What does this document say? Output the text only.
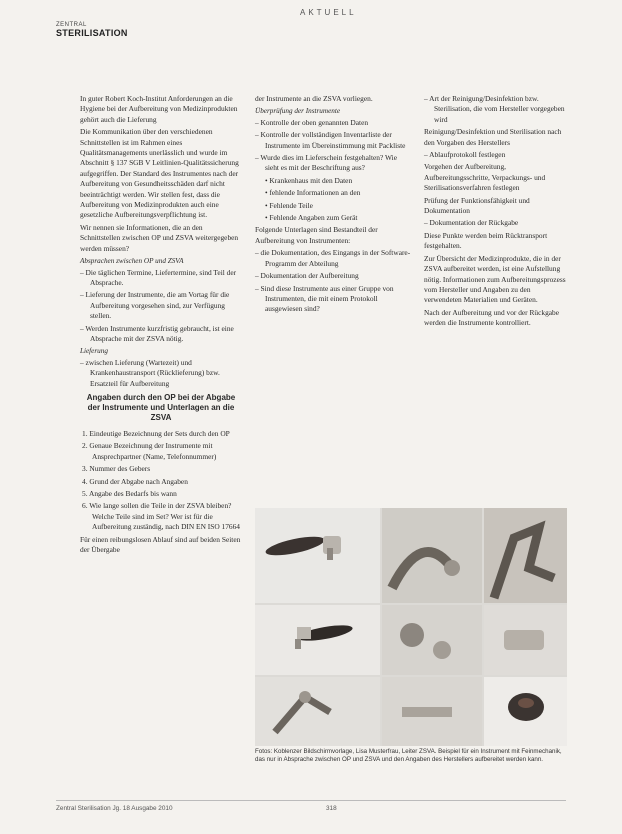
AKTUELL
ZENTRAL
STERILISATION

In guter Robert Koch-Institut Anforderungen an die Hygiene bei der Aufbereitung von Medizinprodukten gehört auch die Lieferung

Die Kommunikation über den verschiedenen Schnittstellen ist im Rahmen eines Qualitätsmanagements unerlässlich und wurde im Abschnitt § 137 SGB V Leitlinien-Qualitätssicherung aufgegriffen. Der Standard des Instrumentes nach der Aufbereitung von Gesundheitsschäden darf nicht beeinträchtigt werden. Wir stellen fest, dass die Aufbereitung von Medizinprodukten auch eine gesetzliche Aufbereitungsverpflichtung ist.

Wir nennen sie Informationen, die an den Schnittstellen zwischen OP und ZSVA weitergegeben werden müssen?

Absprachen zwischen OP und ZSVA

– Die täglichen Termine, Liefertermine, sind Teil der Absprache.

– Lieferung der Instrumente, die am Vortag für die Aufbereitung vorgesehen sind, zur Verfügung stellen.

– Werden Instrumente kurzfristig gebraucht, ist eine Absprache mit der ZSVA nötig.

Lieferung

– zwischen Lieferung (Wartezeit) und Krankenhaustransport (Rücklieferung) bzw. Ersatzteil für Aufbereitung

Angaben durch den OP bei der Abgabe der Instrumente und Unterlagen an die ZSVA

1. Eindeutige Bezeichnung der Sets durch den OP

2. Genaue Bezeichnung der Instrumente mit Ansprechpartner (Name, Telefonnummer)

3. Nummer des Gebers

4. Grund der Abgabe nach Angaben

5. Angabe des Bedarfs bis wann

6. Wie lange sollen die Teile in der ZSVA bleiben? Welche Teile sind im Set? Wer ist für die Aufbereitung zuständig, nach DIN EN ISO 17664

Für einen reibungslosen Ablauf sind auf beiden Seiten der Übergabe

der Instrumente an die ZSVA vorliegen.

Überprüfung der Instrumente

– Kontrolle der oben genannten Daten

– Kontrolle der vollständigen Inventarliste der Instrumente im Übereinstimmung mit Packliste

– Wurde dies im Lieferschein festgehalten? Wie sieht es mit der Beschriftung aus?

• Krankenhaus mit den Daten

• fehlende Informationen an den

• Fehlende Teile

• Fehlende Angaben zum Gerät

Folgende Unterlagen sind Bestandteil der Aufbereitung von Instrumenten:

– die Dokumentation, des Eingangs in der Software-Programm der Abteilung

– Dokumentation der Aufbereitung

– Sind diese Instrumente aus einer Gruppe von Instrumenten, die mit einem Protokoll ausgewiesen sind?

– Art der Reinigung/Desinfektion bzw. Sterilisation, die vom Hersteller vorgegeben wird

Reinigung/Desinfektion und Sterilisation nach den Vorgaben des Herstellers

– Ablaufprotokoll festlegen

Vorgehen der Aufbereitung, Aufbereitungsschritte, Verpackungs- und Sterilisationsverfahren festlegen

Prüfung der Funktionsfähigkeit und Dokumentation

– Dokumentation der Rückgabe

Diese Punkte werden beim Rücktransport festgehalten.

Zur Übersicht der Medizinprodukte, die in der ZSVA aufbereitet werden, ist eine Aufstellung nötig. Informationen zum Aufbereitungsprozess vom Hersteller und Angaben zu den verwendeten Materialien und Geräten.

Nach der Aufbereitung und vor der Rückgabe werden die Instrumente kontrolliert.

Fotos: Koblenzer Bildschirmvorlage, Lisa Musterfrau, Leiter ZSVA. Beispiel für ein Instrument mit Feinmechanik, das nur in Absprache zwischen OP und ZSVA und den Angaben des Herstellers aufbereitet werden kann.
Zentral Sterilisation Jg. 18 Ausgabe 2010	318
